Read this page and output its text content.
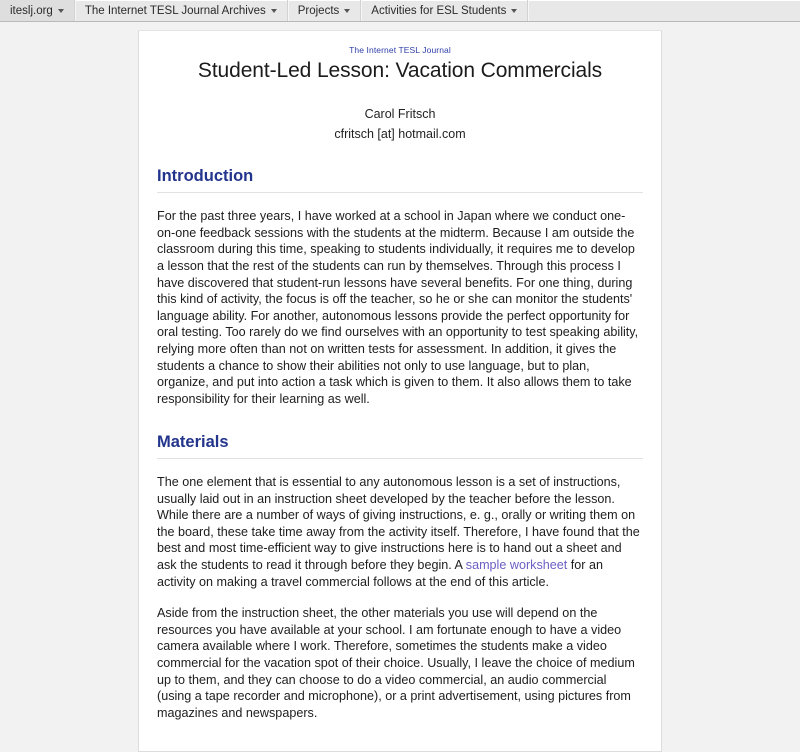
iteslj.org	The Internet TESL Journal Archives	Projects	Activities for ESL Students
The Internet TESL Journal
Student-Led Lesson: Vacation Commercials
Carol Fritsch
cfritsch [at] hotmail.com
Introduction

For the past three years, I have worked at a school in Japan where we conduct one-on-one feedback sessions with the students at the midterm. Because I am outside the classroom during this time, speaking to students individually, it requires me to develop a lesson that the rest of the students can run by themselves. Through this process I have discovered that student-run lessons have several benefits. For one thing, during this kind of activity, the focus is off the teacher, so he or she can monitor the students' language ability. For another, autonomous lessons provide the perfect opportunity for oral testing. Too rarely do we find ourselves with an opportunity to test speaking ability, relying more often than not on written tests for assessment. In addition, it gives the students a chance to show their abilities not only to use language, but to plan, organize, and put into action a task which is given to them. It also allows them to take responsibility for their learning as well.

Materials

The one element that is essential to any autonomous lesson is a set of instructions, usually laid out in an instruction sheet developed by the teacher before the lesson. While there are a number of ways of giving instructions, e. g., orally or writing them on the board, these take time away from the activity itself. Therefore, I have found that the best and most time-efficient way to give instructions here is to hand out a sheet and ask the students to read it through before they begin. A sample worksheet for an activity on making a travel commercial follows at the end of this article.

Aside from the instruction sheet, the other materials you use will depend on the resources you have available at your school. I am fortunate enough to have a video camera available where I work. Therefore, sometimes the students make a video commercial for the vacation spot of their choice. Usually, I leave the choice of medium up to them, and they can choose to do a video commercial, an audio commercial (using a tape recorder and microphone), or a print advertisement, using pictures from magazines and newspapers.
